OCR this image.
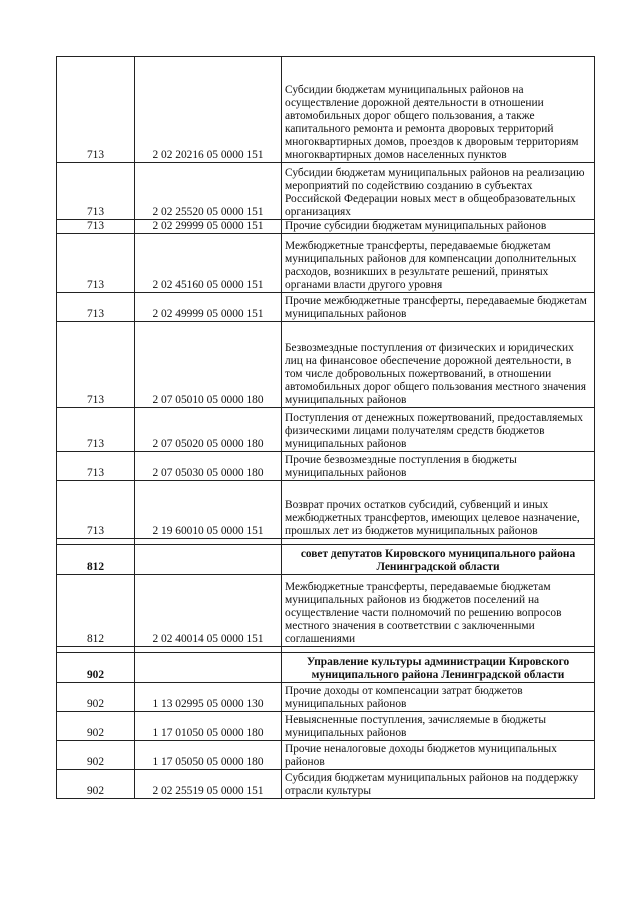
713	2 02 20216 05 0000 151	Субсидии бюджетам муниципальных районов на осуществление дорожной деятельности в отношении автомобильных дорог общего пользования, а также капитального ремонта и ремонта дворовых территорий многоквартирных домов, проездов к дворовым территориям многоквартирных домов населенных пунктов
713	2 02 25520 05 0000 151	Субсидии бюджетам муниципальных районов на реализацию мероприятий по содействию созданию в субъектах Российской Федерации новых мест в общеобразовательных организациях
713	2 02 29999 05 0000 151	Прочие субсидии бюджетам муниципальных районов
713	2 02 45160 05 0000 151	Межбюджетные трансферты, передаваемые бюджетам муниципальных районов для компенсации дополнительных расходов, возникших в результате решений, принятых органами власти другого уровня
713	2 02 49999 05 0000 151	Прочие межбюджетные трансферты, передаваемые бюджетам муниципальных районов
713	2 07 05010 05 0000 180	Безвозмездные поступления от физических и юридических лиц на финансовое обеспечение дорожной деятельности, в том числе добровольных пожертвований, в отношении автомобильных дорог общего пользования местного значения муниципальных районов
713	2 07 05020 05 0000 180	Поступления от денежных пожертвований, предоставляемых физическими лицами получателям средств бюджетов муниципальных районов
713	2 07 05030 05 0000 180	Прочие безвозмездные поступления в бюджеты муниципальных районов
713	2 19 60010 05 0000 151	Возврат прочих остатков субсидий, субвенций и иных межбюджетных трансфертов, имеющих целевое назначение, прошлых лет из бюджетов муниципальных районов

812		совет депутатов Кировского муниципального района Ленинградской области
812	2 02 40014 05 0000 151	Межбюджетные трансферты, передаваемые бюджетам муниципальных районов из бюджетов поселений на осуществление части полномочий по решению вопросов местного значения в соответствии с заключенными соглашениями

902		Управление культуры администрации Кировского муниципального района Ленинградской области
902	1 13 02995 05 0000 130	Прочие доходы от компенсации затрат бюджетов муниципальных районов
902	1 17 01050 05 0000 180	Невыясненные поступления, зачисляемые в бюджеты муниципальных районов
902	1 17 05050 05 0000 180	Прочие неналоговые доходы бюджетов муниципальных районов
902	2 02 25519 05 0000 151	Субсидия бюджетам муниципальных районов на поддержку отрасли культуры
